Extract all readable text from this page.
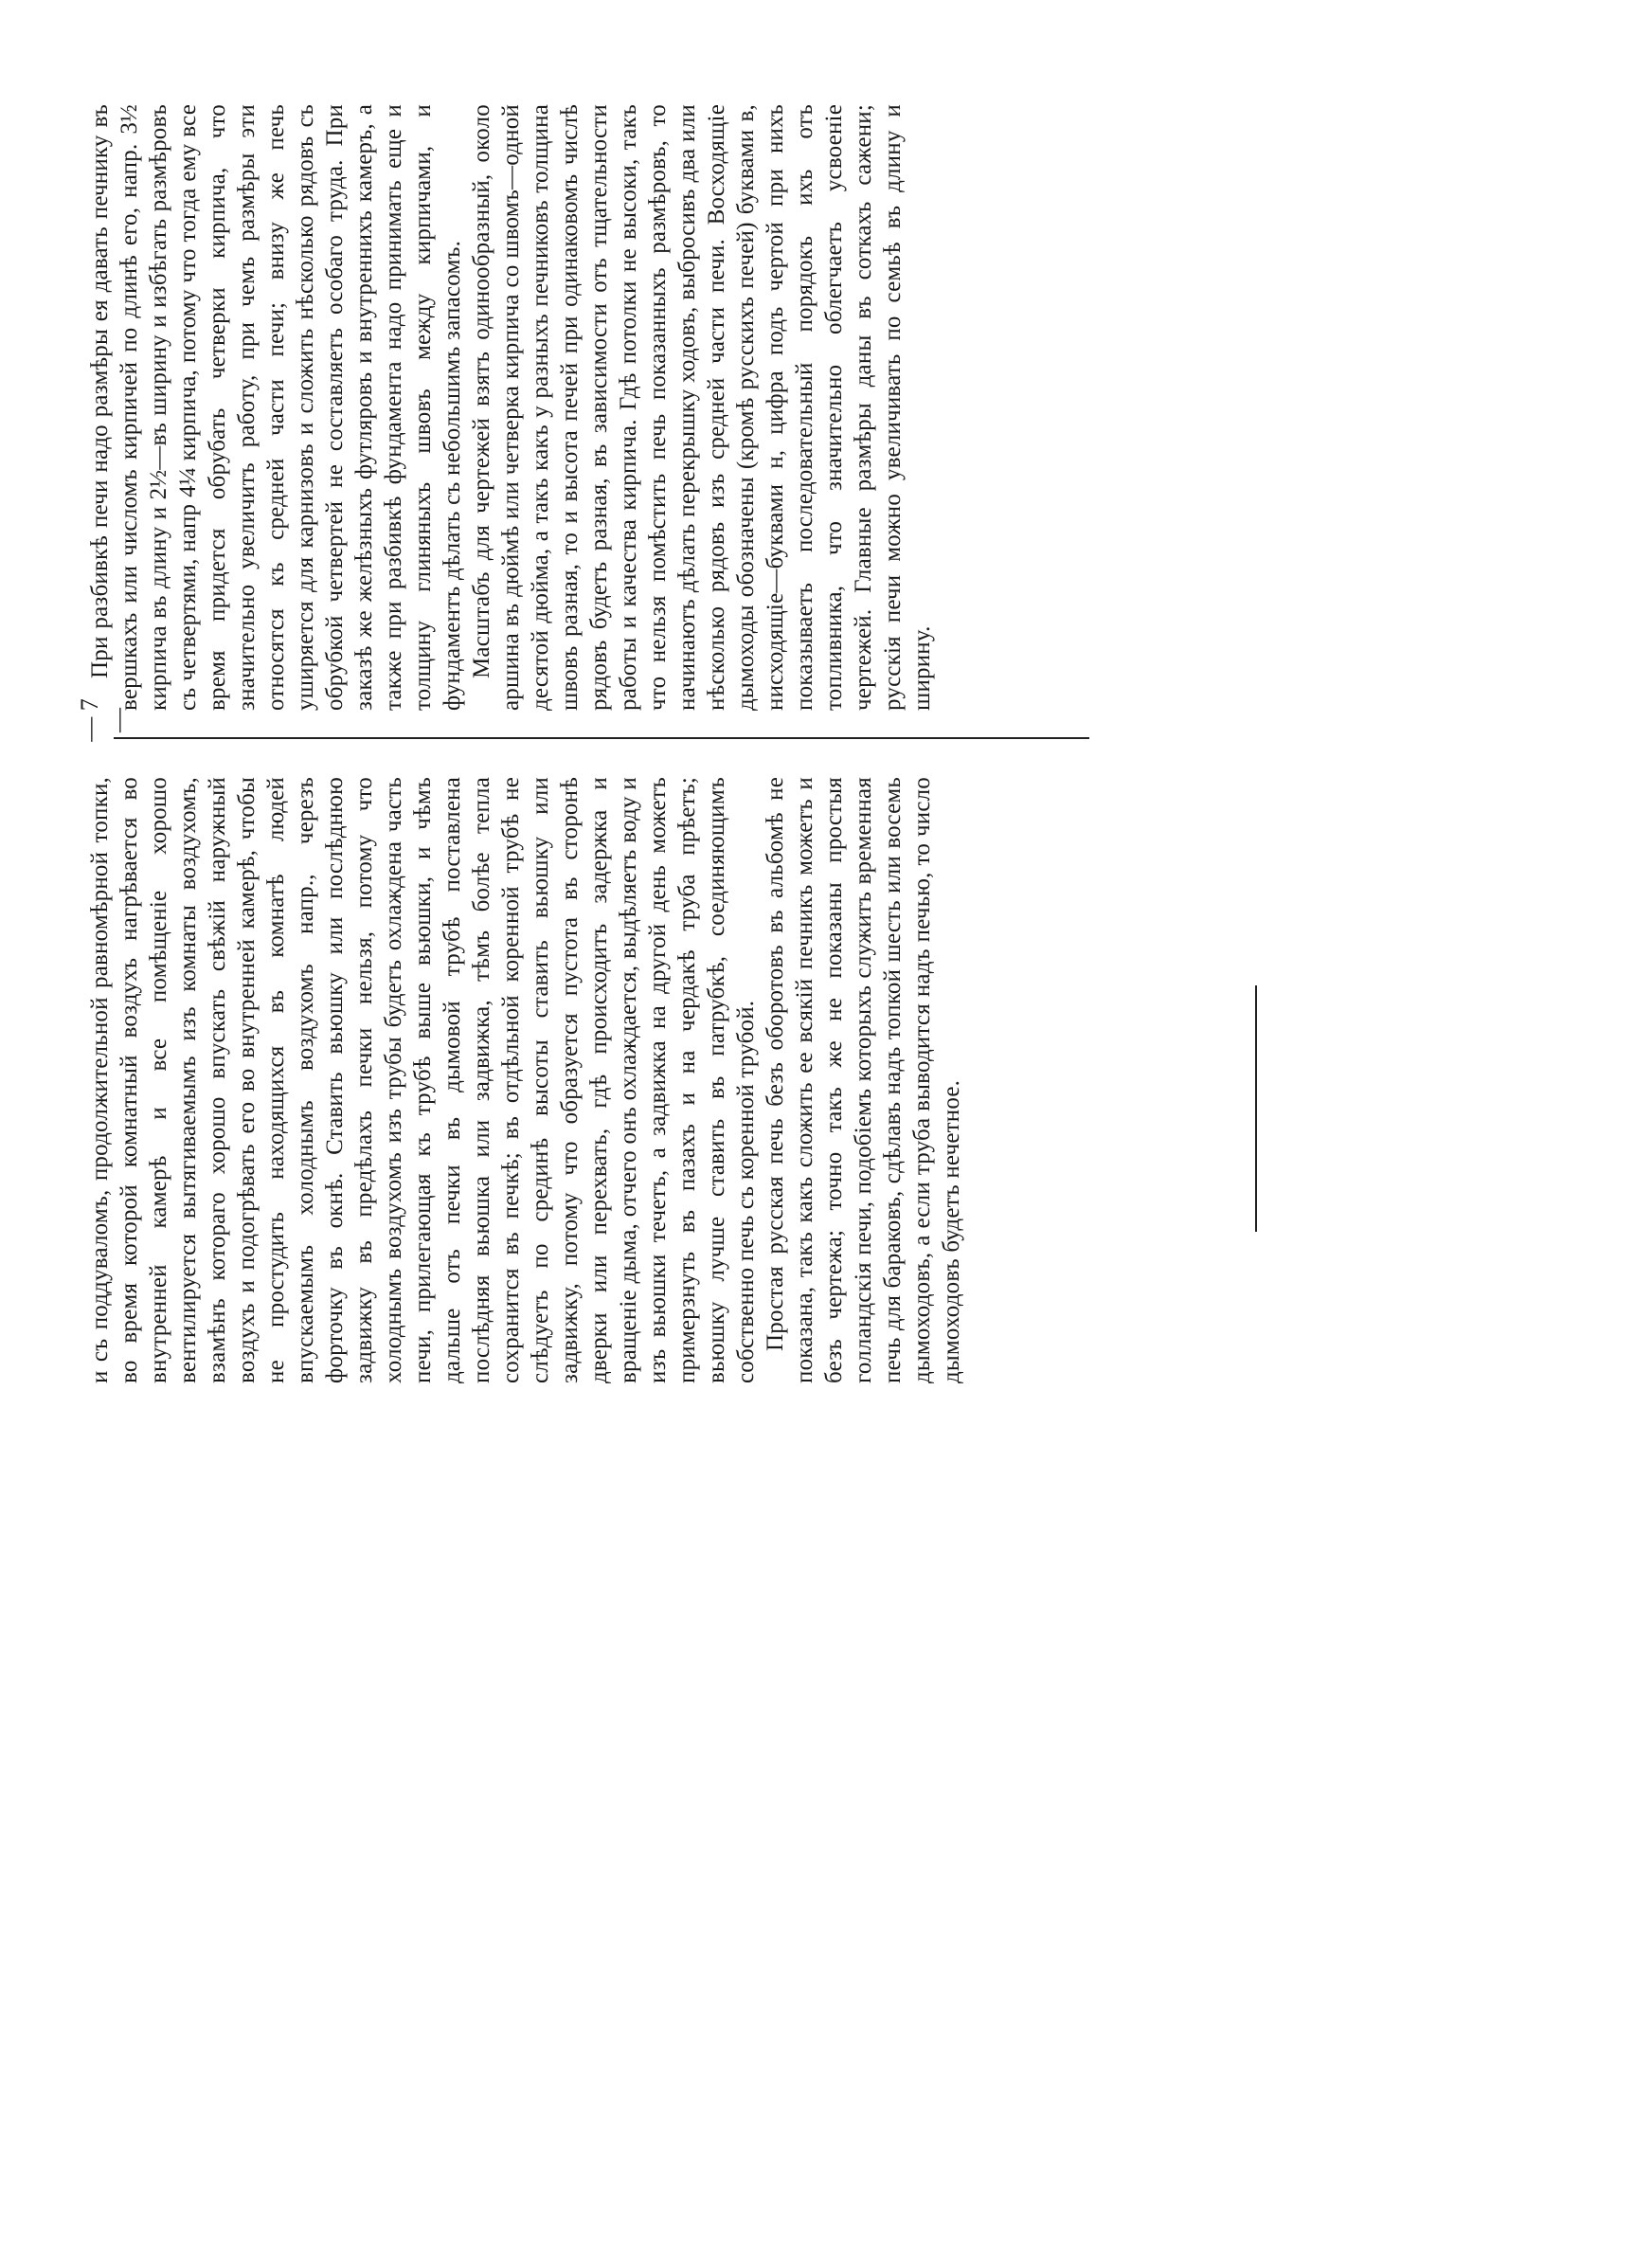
— 7 —

и съ поддуваломъ, продолжительной равномѣрной топки, во время которой комнатный воздухъ нагрѣвается во внутренней камерѣ и все помѣщеніе хорошо вентилируется вытягиваемымъ изъ комнаты воздухомъ, взамѣнъ котораго хорошо впускать свѣжій наружный воздухъ и подогрѣвать его во внутренней камерѣ, чтобы не простудить находящихся въ комнатѣ людей впускаемымъ холоднымъ воздухомъ напр., черезъ форточку въ окнѣ. Ставить вьюшку или послѣднюю задвижку въ предѣлахъ печки нельзя, потому что холоднымъ воздухомъ изъ трубы будетъ охлаждена часть печи, прилегающая къ трубѣ выше вьюшки, и чѣмъ дальше отъ печки въ дымовой трубѣ поставлена послѣдняя вьюшка или задвижка, тѣмъ болѣе тепла сохранится въ печкѣ; въ отдѣльной коренной трубѣ не слѣдуетъ по срединѣ высоты ставить вьюшку или задвижку, потому что образуется пустота въ сторонѣ дверки или перехвать, гдѣ происходитъ задержка и вращеніе дыма, отчего онъ охлаждается, выдѣляетъ воду и изъ вьюшки течетъ, а задвижка на другой день можетъ примерзнуть въ пазахъ и на чердакѣ труба прѣетъ; вьюшку лучше ставить въ патрубкѣ, соединяющимъ собственно печь съ коренной трубой. Простая русская печь безъ оборотовъ въ альбомѣ не показана, такъ какъ сложить ее всякій печникъ можетъ и безъ чертежа; точно такъ же не показаны простыя голландскія печи, подобіемъ которыхъ служитъ временная печь для бараковъ, сдѣлавъ надъ топкой шесть или восемь дымоходовъ, а если труба выводится надъ печью, то число дымоходовъ будетъ нечетное.

При разбивкѣ печи надо размѣры ея давать печнику въ вершкахъ или числомъ кирпичей по длинѣ его, напр. 3½ кирпича въ длину и 2½—въ ширину и избѣгать размѣровъ съ четвертями, напр 4¼ кирпича, потому что тогда ему все время придется обрубать четверки кирпича, что значительно увеличитъ работу, при чемъ размѣры эти относятся къ средней части печи; внизу же печь уширяется для карнизовъ и сложить нѣсколько рядовъ съ обрубкой четвертей не составляетъ особаго труда. При заказѣ же желѣзныхъ футляровъ и внутреннихъ камеръ, а также при разбивкѣ фундамента надо принимать еще и толщину глиняныхъ швовъ между кирпичами, и фундаментъ дѣлать съ небольшимъ запасомъ. Масштабъ для чертежей взятъ одинообразный, около аршина въ дюймѣ или четверка кирпича со швомъ—одной десятой дюйма, а такъ какъ у разныхъ печниковъ толщина швовъ разная, то и высота печей при одинаковомъ числѣ рядовъ будетъ разная, въ зависимости отъ тщательности работы и качества кирпича. Гдѣ потолки не высоки, такъ что нельзя помѣстить печь показанныхъ размѣровъ, то начинаютъ дѣлать перекрышку ходовъ, выбросивъ два или нѣсколько рядовъ изъ средней части печи. Восходящіе дымоходы обозначены (кромѣ русскихъ печей) буквами в, нисходящіе—буквами н, цифра подъ чертой при нихъ показываетъ последовательный порядокъ ихъ отъ топливника, что значительно облегчаетъ усвоеніе чертежей. Главные размѣры даны въ соткахъ сажени; русскія печи можно увеличивать по семьѣ въ длину и ширину.
